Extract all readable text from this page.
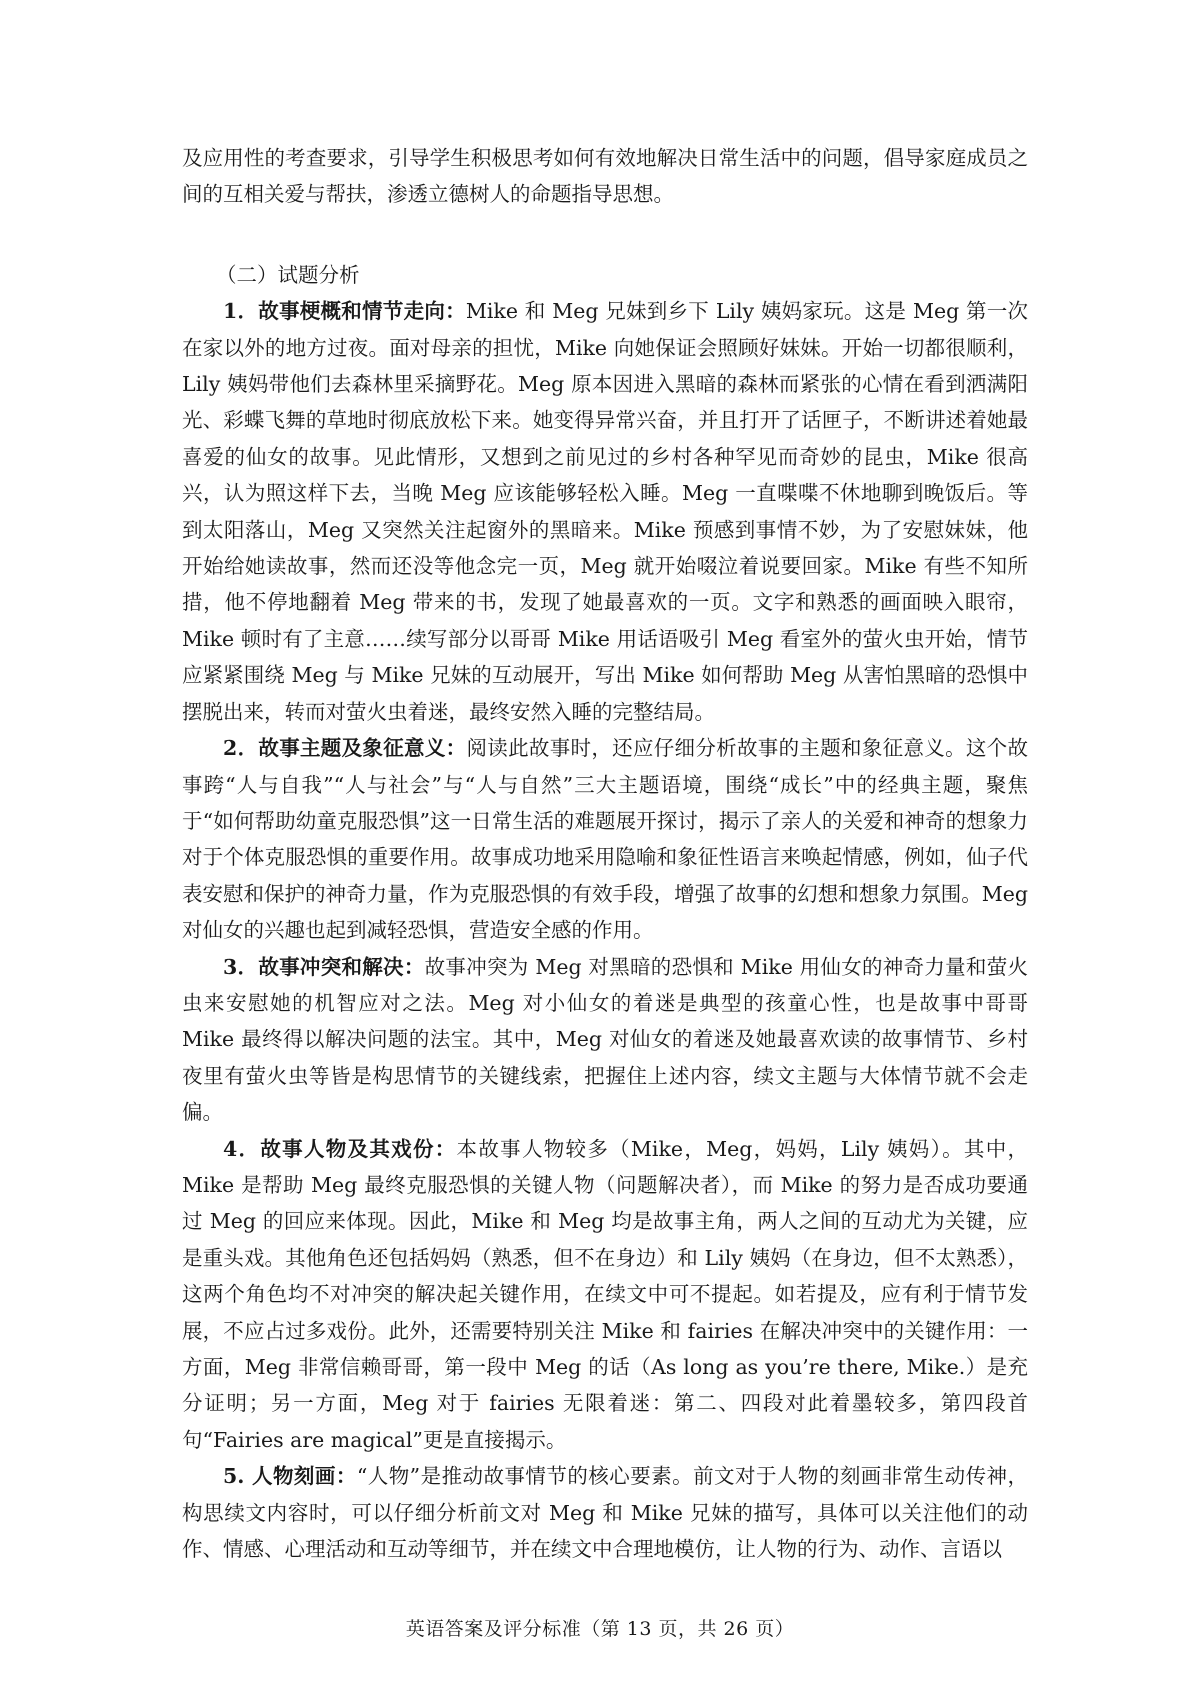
及应用性的考查要求，引导学生积极思考如何有效地解决日常生活中的问题，倡导家庭成员之间的互相关爱与帮扶，渗透立德树人的命题指导思想。

（二）试题分析

1．故事梗概和情节走向：Mike 和 Meg 兄妹到乡下 Lily 姨妈家玩。这是 Meg 第一次在家以外的地方过夜。面对母亲的担忧，Mike 向她保证会照顾好妹妹。开始一切都很顺利，Lily 姨妈带他们去森林里采摘野花。Meg 原本因进入黑暗的森林而紧张的心情在看到洒满阳光、彩蝶飞舞的草地时彻底放松下来。她变得异常兴奋，并且打开了话匣子，不断讲述着她最喜爱的仙女的故事。见此情形，又想到之前见过的乡村各种罕见而奇妙的昆虫，Mike 很高兴，认为照这样下去，当晚 Meg 应该能够轻松入睡。Meg 一直喋喋不休地聊到晚饭后。等到太阳落山，Meg 又突然关注起窗外的黑暗来。Mike 预感到事情不妙，为了安慰妹妹，他开始给她读故事，然而还没等他念完一页，Meg 就开始啜泣着说要回家。Mike 有些不知所措，他不停地翻着 Meg 带来的书，发现了她最喜欢的一页。文字和熟悉的画面映入眼帘，Mike 顿时有了主意……续写部分以哥哥 Mike 用话语吸引 Meg 看室外的萤火虫开始，情节应紧紧围绕 Meg 与 Mike 兄妹的互动展开，写出 Mike 如何帮助 Meg 从害怕黑暗的恐惧中摆脱出来，转而对萤火虫着迷，最终安然入睡的完整结局。

2．故事主题及象征意义：阅读此故事时，还应仔细分析故事的主题和象征意义。这个故事跨“人与自我”“人与社会”与“人与自然”三大主题语境，围绕“成长”中的经典主题，聚焦于“如何帮助幼童克服恐惧”这一日常生活的难题展开探讨，揭示了亲人的关爱和神奇的想象力对于个体克服恐惧的重要作用。故事成功地采用隐喻和象征性语言来唤起情感，例如，仙子代表安慰和保护的神奇力量，作为克服恐惧的有效手段，增强了故事的幻想和想象力氛围。Meg 对仙女的兴趣也起到减轻恐惧，营造安全感的作用。

3．故事冲突和解决：故事冲突为 Meg 对黑暗的恐惧和 Mike 用仙女的神奇力量和萤火虫来安慰她的机智应对之法。Meg 对小仙女的着迷是典型的孩童心性，也是故事中哥哥 Mike 最终得以解决问题的法宝。其中，Meg 对仙女的着迷及她最喜欢读的故事情节、乡村夜里有萤火虫等皆是构思情节的关键线索，把握住上述内容，续文主题与大体情节就不会走偏。

4．故事人物及其戏份：本故事人物较多（Mike，Meg，妈妈，Lily 姨妈）。其中，Mike 是帮助 Meg 最终克服恐惧的关键人物（问题解决者），而 Mike 的努力是否成功要通过 Meg 的回应来体现。因此，Mike 和 Meg 均是故事主角，两人之间的互动尤为关键，应是重头戏。其他角色还包括妈妈（熟悉，但不在身边）和 Lily 姨妈（在身边，但不太熟悉），这两个角色均不对冲突的解决起关键作用，在续文中可不提起。如若提及，应有利于情节发展，不应占过多戏份。此外，还需要特别关注 Mike 和 fairies 在解决冲突中的关键作用：一方面，Meg 非常信赖哥哥，第一段中 Meg 的话（As long as you’re there, Mike.）是充分证明；另一方面，Meg 对于 fairies 无限着迷：第二、四段对此着墨较多，第四段首句“Fairies are magical”更是直接揭示。

5. 人物刻画：“人物”是推动故事情节的核心要素。前文对于人物的刻画非常生动传神，构思续文内容时，可以仔细分析前文对 Meg 和 Mike 兄妹的描写，具体可以关注他们的动作、情感、心理活动和互动等细节，并在续文中合理地模仿，让人物的行为、动作、言语以

英语答案及评分标准（第 13 页，共 26 页）
